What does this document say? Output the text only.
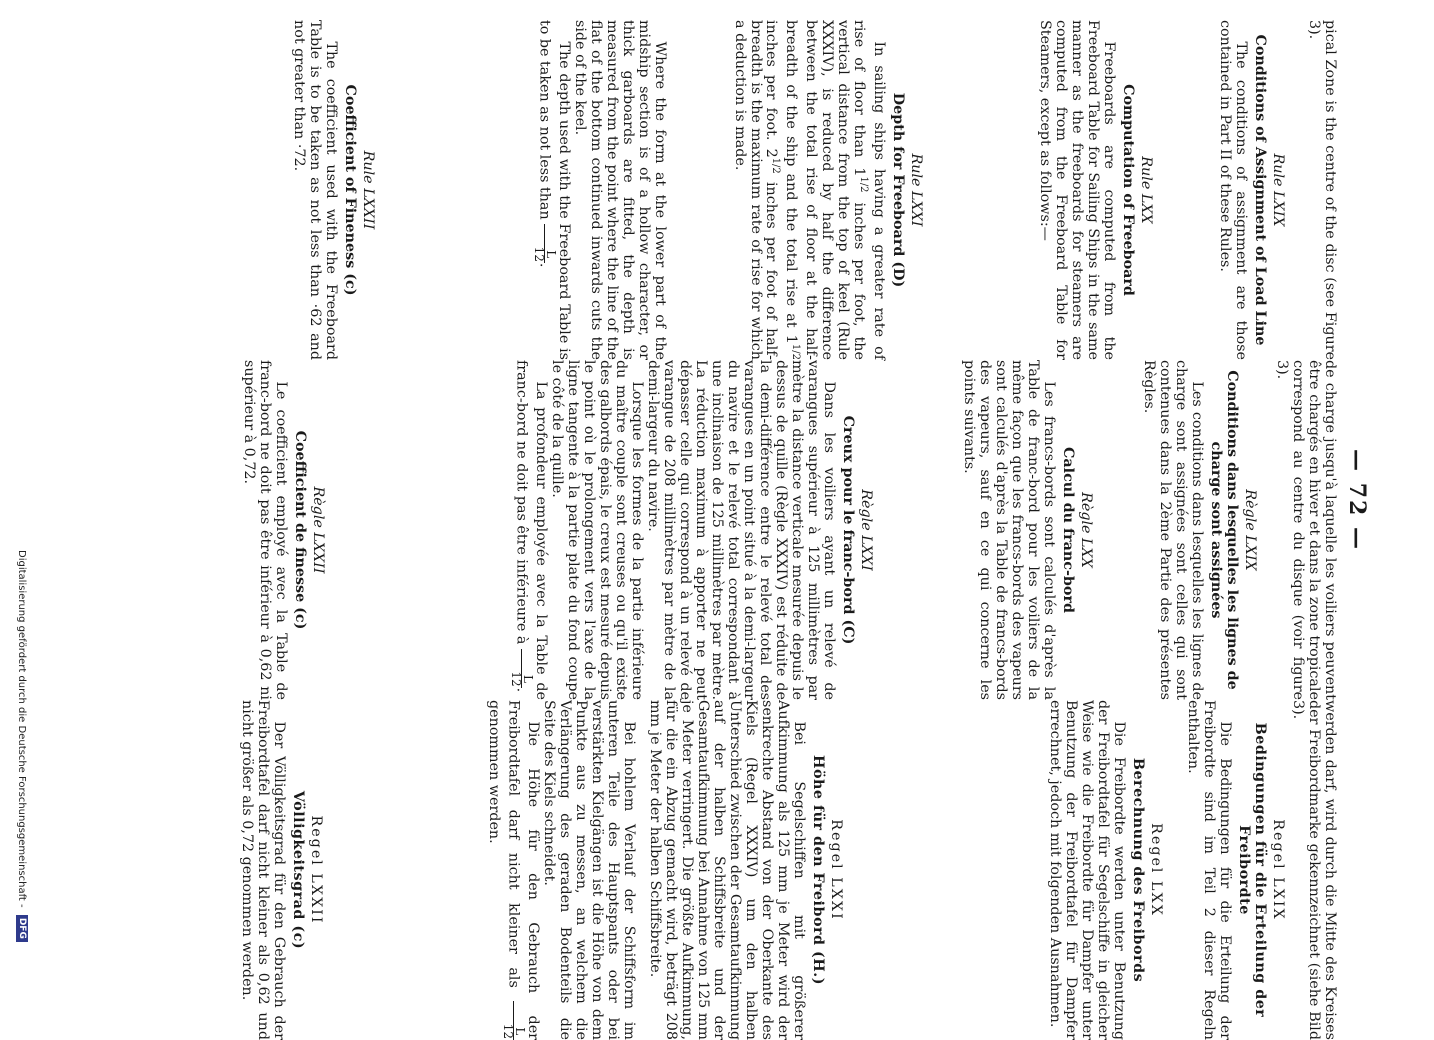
— 72 —

pical Zone is the centre of the disc (see Figure 3).

Rule LXIX
Conditions of Assignment of Load Line

The conditions of assignment are those contained in Part II of these Rules.

Rule LXX
Computation of Freeboard

Freeboards are computed from the Freeboard Table for Sailing Ships in the same manner as the freeboards for steamers are computed from the Freeboard Table for Steamers, except as follows:—

Rule LXXI
Depth for Freeboard (D)

In sailing ships having a greater rate of rise of floor than $1^{1/2}$ inches per foot, the vertical distance from the top of keel (Rule XXXIV), is reduced by half the difference between the total rise of floor at the half-breadth of the ship and the total rise at $1^{1/2}$ inches per foot. $2^{1/2}$ inches per foot of half-breadth is the maximum rate of rise for which a deduction is made.

Where the form at the lower part of the midship section is of a hollow character, or thick garboards are fitted, the depth is measured from the point where the line of the flat of the bottom continued inwards cuts the side of the keel.

The depth used with the Freeboard Table is to be taken as not less than
L
12
.

Rule LXXII
Coefficient of Fineness (c)

The coefficient used with the Freeboard Table is to be taken as not less than ·62 and not greater than ·72.

de charge jusqu'à laquelle les voiliers peuvent être chargés en hiver et dans la zone tropicale correspond au centre du disque (voir figure 3).

Règle LXIX
Conditions dans lesquelles les lignes de charge sont assignées

Les conditions dans lesquelles les lignes de charge sont assignées sont celles qui sont contenues dans la 2ème Partie des présentes Règles.

Règle LXX
Calcul du franc-bord

Les francs-bords sont calculés d'après la Table de franc-bord pour les voiliers de la même façon que les francs-bords des vapeurs sont calculés d'après la Table de francs-bords des vapeurs, sauf en ce qui concerne les points suivants.

Règle LXXI
Creux pour le franc-bord (C)

Dans les voiliers ayant un relevé de varangues supérieur à 125 millimètres par mètre la distance verticale mesurée depuis le dessus de quille (Règle XXXIV) est réduite de la demi-différence entre le relevé total des varangues en un point situé à la demi-largeur du navire et le relevé total correspondant à une inclinaison de 125 millimètres par mètre. La réduction maximum à apporter ne peut dépasser celle qui correspond à un relevé de varangue de 208 millimètres par mètre de la demi-largeur du navire.

Lorsque les formes de la partie inférieure du maître couple sont creuses ou qu'il existe des galbords épais, le creux est mesuré depuis le point où le prolongement vers l'axe de la ligne tangente à la partie plate du fond coupe le côté de la quille.

La profondeur employée avec la Table de franc-bord ne doit pas être inférieure à
L
12
.

Règle LXXII
Coefficient de finesse (c)

Le coefficient employé avec la Table de franc-bord ne doit pas être inférieur à 0,62 ni supérieur à 0,72.

werden darf, wird durch die Mitte des Kreises der Freibordmarke gekennzeichnet (siehe Bild 3).

Regel LXIX
Bedingungen für die Erteilung der Freibordte

Die Bedingungen für die Erteilung der Freibordte sind im Teil 2 dieser Regeln enthalten.

Regel LXX
Berechnung des Freibords

Die Freibordte werden unter Benutzung der Freibordtafel für Segelschiffe in gleicher Weise wie die Freibordte für Dampfer unter Benutzung der Freibordtafel für Dampfer errechnet, jedoch mit folgenden Ausnahmen.

Regel LXXI
Höhe für den Freibord (H.)

Bei Segelschiffen mit größerer Aufkimmung als 125 mm je Meter wird der senkrechte Abstand von der Oberkante des Kiels (Regel XXXIV) um den halben Unterschied zwischen der Gesamtaufkimmung auf der halben Schiffsbreite und der Gesamtaufkimmung bei Annahme von 125 mm je Meter verringert. Die größte Aufkimmung, für die ein Abzug gemacht wird, beträgt 208 mm je Meter der halben Schiffsbreite.

Bei hohlem Verlauf der Schiffsform im unteren Teile des Hauptspants oder bei verstärkten Kielgängen ist die Höhe von dem Punkte aus zu messen, an welchem die Verlängerung des geraden Bodenteils die Seite des Kiels schneidet.

Die Höhe für den Gebrauch der Freibordtafel darf nicht kleiner als
L
12
genommen werden.

Regel LXXII
Völligkeitsgrad (c)

Der Völligkeitsgrad für den Gebrauch der Freibordtafel darf nicht kleiner als 0,62 und nicht größer als 0,72 genommen werden.

Digitalisierung gefördert durch die Deutsche Forschungsgemeinschaft - DFG
